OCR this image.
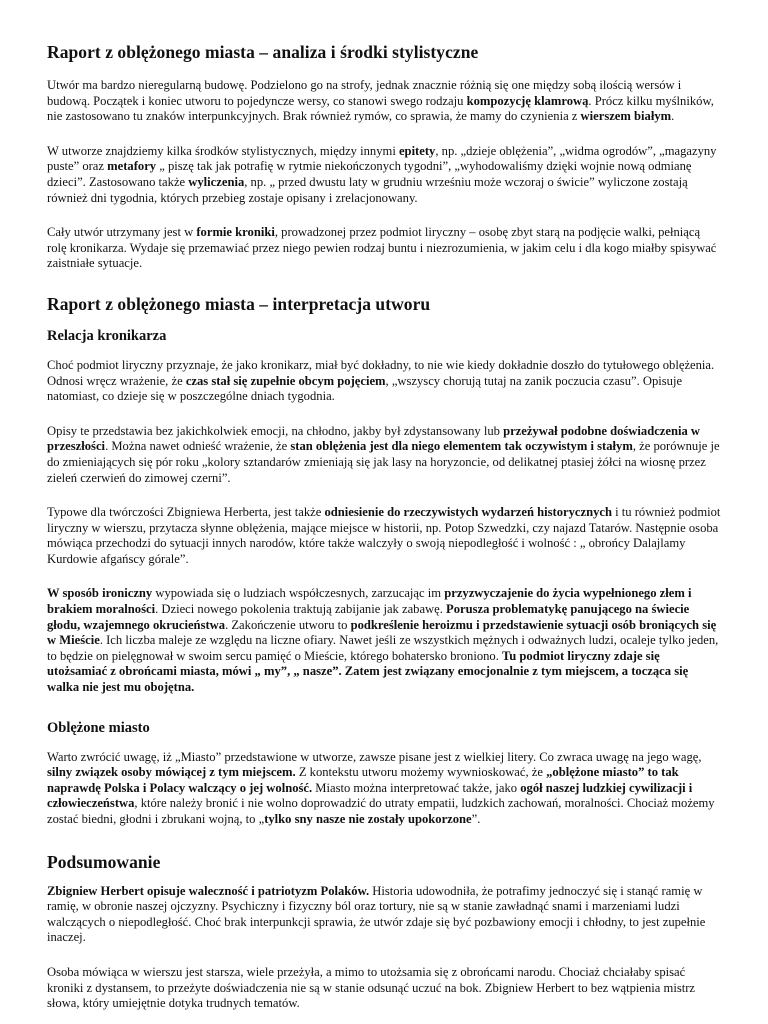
Raport z oblężonego miasta – analiza i środki stylistyczne

Utwór ma bardzo nieregularną budowę. Podzielono go na strofy, jednak znacznie różnią się one między sobą ilością wersów i budową. Początek i koniec utworu to pojedyncze wersy, co stanowi swego rodzaju kompozycję klamrową. Prócz kilku myślników, nie zastosowano tu znaków interpunkcyjnych. Brak również rymów, co sprawia, że mamy do czynienia z wierszem białym.

W utworze znajdziemy kilka środków stylistycznych, między innymi epitety, np. „dzieje oblężenia”, „widma ogrodów”, „magazyny puste” oraz metafory „ piszę tak jak potrafię w rytmie niekończonych tygodni”, „wyhodowaliśmy dzięki wojnie nową odmianę dzieci”. Zastosowano także wyliczenia, np. „ przed dwustu laty w grudniu wrześniu może wczoraj o świcie” wyliczone zostają również dni tygodnia, których przebieg zostaje opisany i zrelacjonowany.

Cały utwór utrzymany jest w formie kroniki, prowadzonej przez podmiot liryczny – osobę zbyt starą na podjęcie walki, pełniącą rolę kronikarza. Wydaje się przemawiać przez niego pewien rodzaj buntu i niezrozumienia, w jakim celu i dla kogo miałby spisywać zaistniałe sytuacje.

Raport z oblężonego miasta – interpretacja utworu
Relacja kronikarza

Choć podmiot liryczny przyznaje, że jako kronikarz, miał być dokładny, to nie wie kiedy dokładnie doszło do tytułowego oblężenia. Odnosi wręcz wrażenie, że czas stał się zupełnie obcym pojęciem, „wszyscy chorują tutaj na zanik poczucia czasu”. Opisuje natomiast, co dzieje się w poszczególne dniach tygodnia.

Opisy te przedstawia bez jakichkolwiek emocji, na chłodno, jakby był zdystansowany lub przeżywał podobne doświadczenia w przeszłości. Można nawet odnieść wrażenie, że stan oblężenia jest dla niego elementem tak oczywistym i stałym, że porównuje je do zmieniających się pór roku „kolory sztandarów zmieniają się jak lasy na horyzoncie, od delikatnej ptasiej żółci na wiosnę przez zieleń czerwień do zimowej czerni”.

Typowe dla twórczości Zbigniewa Herberta, jest także odniesienie do rzeczywistych wydarzeń historycznych i tu również podmiot liryczny w wierszu, przytacza słynne oblężenia, mające miejsce w historii, np. Potop Szwedzki, czy najazd Tatarów. Następnie osoba mówiąca przechodzi do sytuacji innych narodów, które także walczyły o swoją niepodległość i wolność : „ obrońcy Dalajlamy Kurdowie afgańscy górale”.

W sposób ironiczny wypowiada się o ludziach współczesnych, zarzucając im przyzwyczajenie do życia wypełnionego złem i brakiem moralności. Dzieci nowego pokolenia traktują zabijanie jak zabawę. Porusza problematykę panującego na świecie głodu, wzajemnego okrucieństwa. Zakończenie utworu to podkreślenie heroizmu i przedstawienie sytuacji osób broniących się w Mieście. Ich liczba maleje ze względu na liczne ofiary. Nawet jeśli ze wszystkich mężnych i odważnych ludzi, ocaleje tylko jeden, to będzie on pielęgnował w swoim sercu pamięć o Mieście, którego bohatersko broniono. Tu podmiot liryczny zdaje się utożsamiać z obrońcami miasta, mówi „ my”, „ nasze”. Zatem jest związany emocjonalnie z tym miejscem, a tocząca się walka nie jest mu obojętna.

Oblężone miasto

Warto zwrócić uwagę, iż „Miasto” przedstawione w utworze, zawsze pisane jest z wielkiej litery. Co zwraca uwagę na jego wagę, silny związek osoby mówiącej z tym miejscem. Z kontekstu utworu możemy wywnioskować, że „oblężone miasto” to tak naprawdę Polska i Polacy walczący o jej wolność. Miasto można interpretować także, jako ogół naszej ludzkiej cywilizacji i człowieczeństwa, które należy bronić i nie wolno doprowadzić do utraty empatii, ludzkich zachowań, moralności. Chociaż możemy zostać biedni, głodni i zbrukani wojną, to „tylko sny nasze nie zostały upokorzone”.

Podsumowanie

Zbigniew Herbert opisuje waleczność i patriotyzm Polaków. Historia udowodniła, że potrafimy jednoczyć się i stanąć ramię w ramię, w obronie naszej ojczyzny. Psychiczny i fizyczny ból oraz tortury, nie są w stanie zawładnąć snami i marzeniami ludzi walczących o niepodległość. Choć brak interpunkcji sprawia, że utwór zdaje się być pozbawiony emocji i chłodny, to jest zupełnie inaczej.

Osoba mówiąca w wierszu jest starsza, wiele przeżyła, a mimo to utożsamia się z obrońcami narodu. Chociaż chciałaby spisać kroniki z dystansem, to przeżyte doświadczenia nie są w stanie odsunąć uczuć na bok. Zbigniew Herbert to bez wątpienia mistrz słowa, który umiejętnie dotyka trudnych tematów.
